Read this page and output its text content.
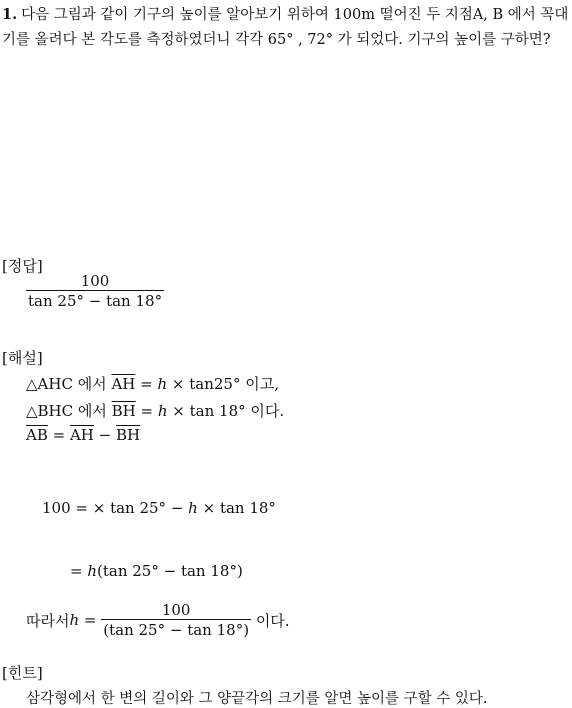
1. 다음 그림과 같이 기구의 높이를 알아보기 위하여 100m 떨어진 두 지점A, B 에서 꼭대기를 올려다 본 각도를 측정하였더니 각각 65° , 72° 가 되었다. 기구의 높이를 구하면?
[정답]
$\frac{100}{\tan 25^\circ - \tan 18^\circ}$
[해설]
△AHC 에서 $\overline{AH} = h \times \tan 25^\circ$ 이고,
△BHC 에서 $\overline{BH} = h \times \tan 18^\circ$ 이다.
$\overline{AB} = \overline{AH} - \overline{BH}$
100 = × tan 25° − h × tan 18°
= h(tan 25° − tan 18°)
따라서 $h = \frac{100}{(\tan 25^\circ - \tan 18^\circ)}$ 이다.
[힌트]
삼각형에서 한 변의 길이와 그 양끝각의 크기를 알면 높이를 구할 수 있다.
